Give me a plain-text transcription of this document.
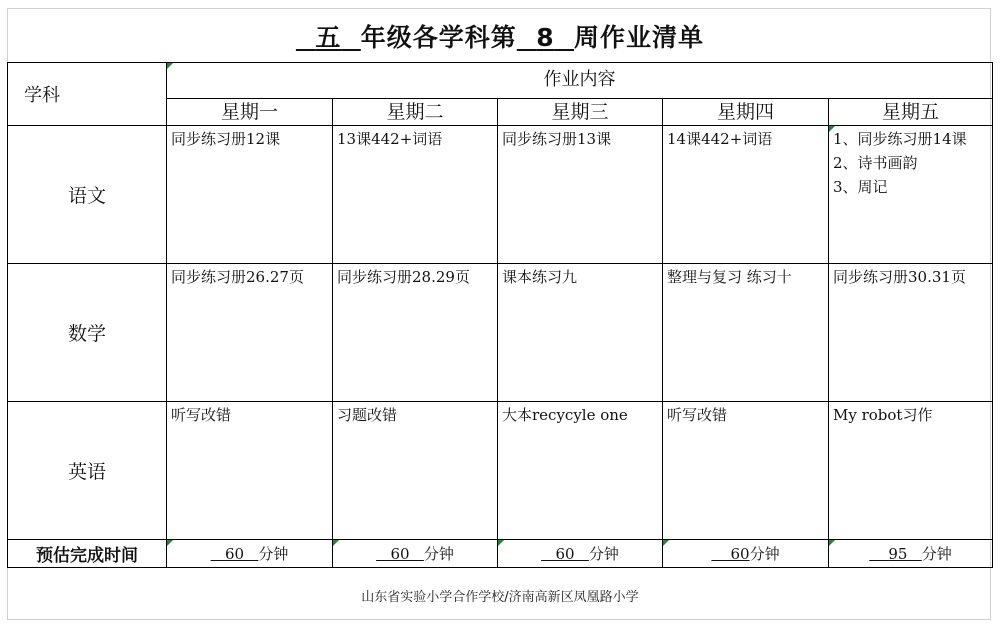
五 年级各学科第 8 周作业清单
学科	作业内容				
	星期一	星期二	星期三	星期四	星期五
语文	同步练习册12课	13课442+词语	同步练习册13课	14课442+词语	1、同步练习册14课
2、诗书画韵
3、周记

数学	同步练习册26.27页	同步练习册28.29页	课本练习九	整理与复习 练习十	同步练习册30.31页

英语	听写改错	习题改错	大本recycyle one	听写改错	My robot习作

预估完成时间	60 分钟	60 分钟	60 分钟	60分钟	95 分钟
山东省实验小学合作学校/济南高新区凤凰路小学
